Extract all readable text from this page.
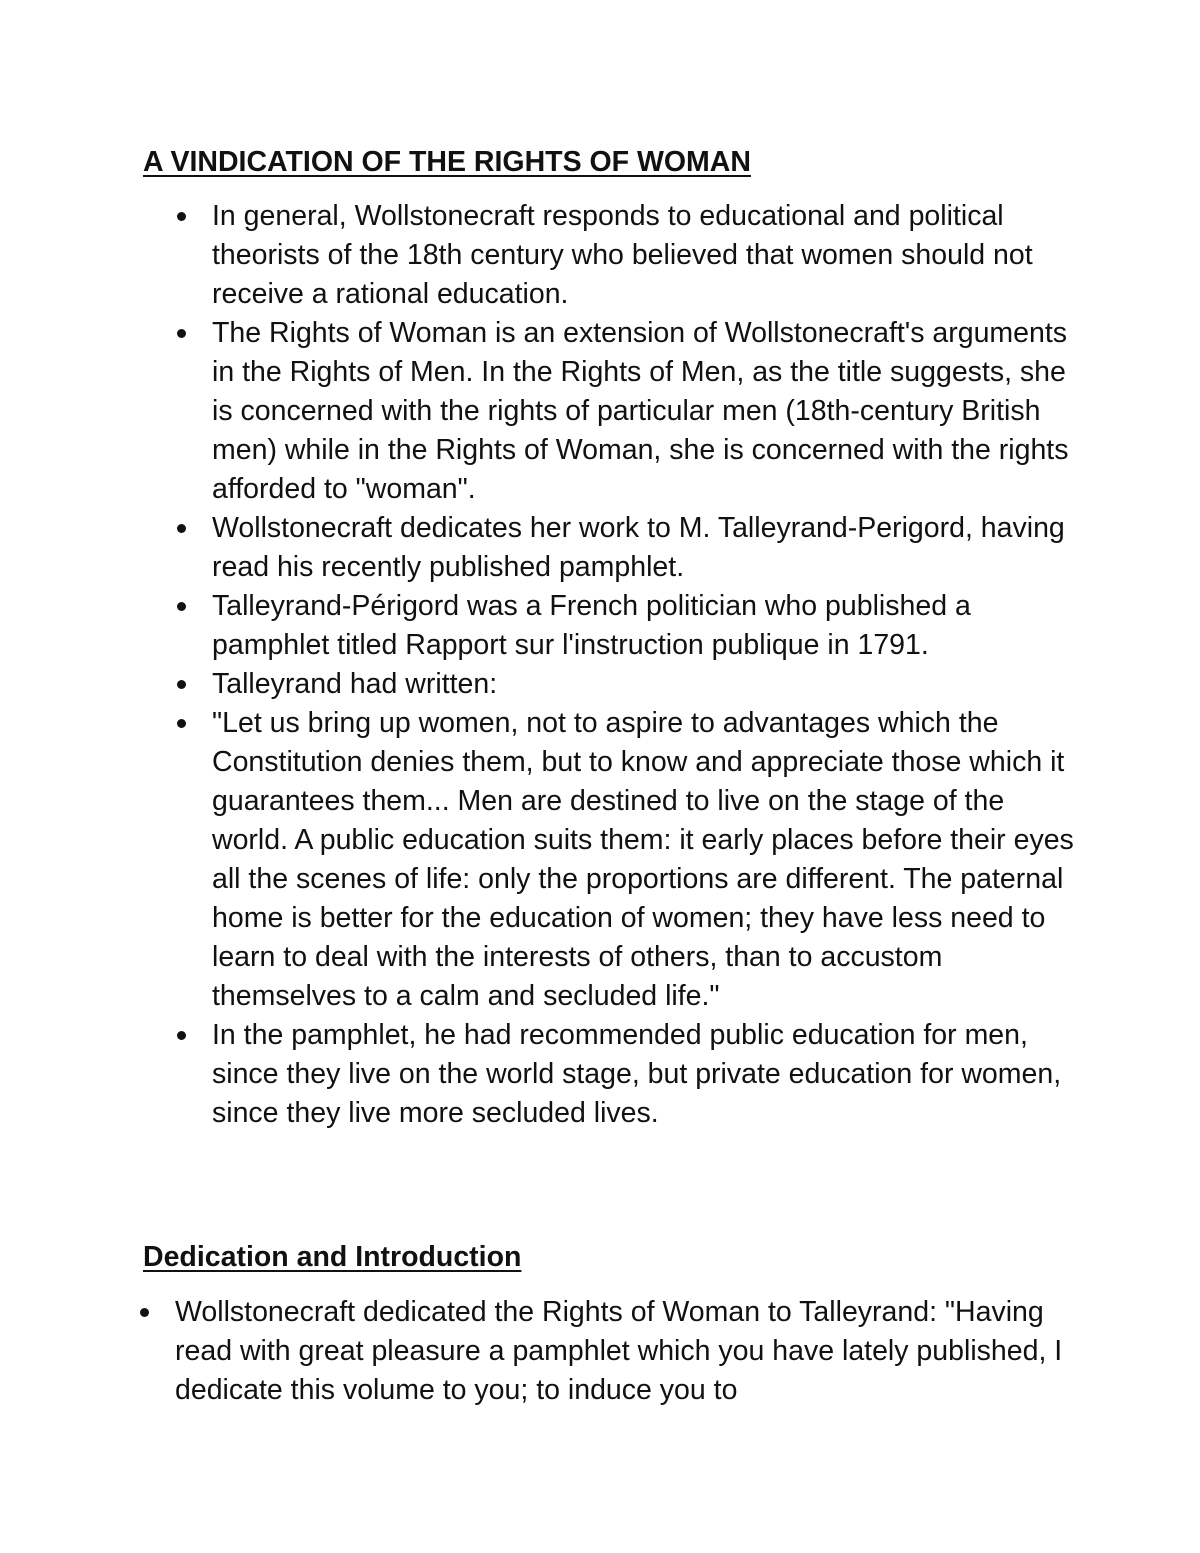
A VINDICATION OF THE RIGHTS OF WOMAN
In general, Wollstonecraft responds to educational and political theorists of the 18th century who believed that women should not receive a rational education.
The Rights of Woman is an extension of Wollstonecraft's arguments in the Rights of Men. In the Rights of Men, as the title suggests, she is concerned with the rights of particular men (18th-century British men) while in the Rights of Woman, she is concerned with the rights afforded to "woman".
Wollstonecraft dedicates her work to M. Talleyrand-Perigord, having read his recently published pamphlet.
Talleyrand-Périgord was a French politician who published a pamphlet titled Rapport sur l'instruction publique in 1791.
Talleyrand had written:
"Let us bring up women, not to aspire to advantages which the Constitution denies them, but to know and appreciate those which it guarantees them... Men are destined to live on the stage of the world. A public education suits them: it early places before their eyes all the scenes of life: only the proportions are different. The paternal home is better for the education of women; they have less need to learn to deal with the interests of others, than to accustom themselves to a calm and secluded life."
In the pamphlet, he had recommended public education for men, since they live on the world stage, but private education for women, since they live more secluded lives.
Dedication and Introduction
Wollstonecraft dedicated the Rights of Woman to Talleyrand: "Having read with great pleasure a pamphlet which you have lately published, I dedicate this volume to you; to induce you to
